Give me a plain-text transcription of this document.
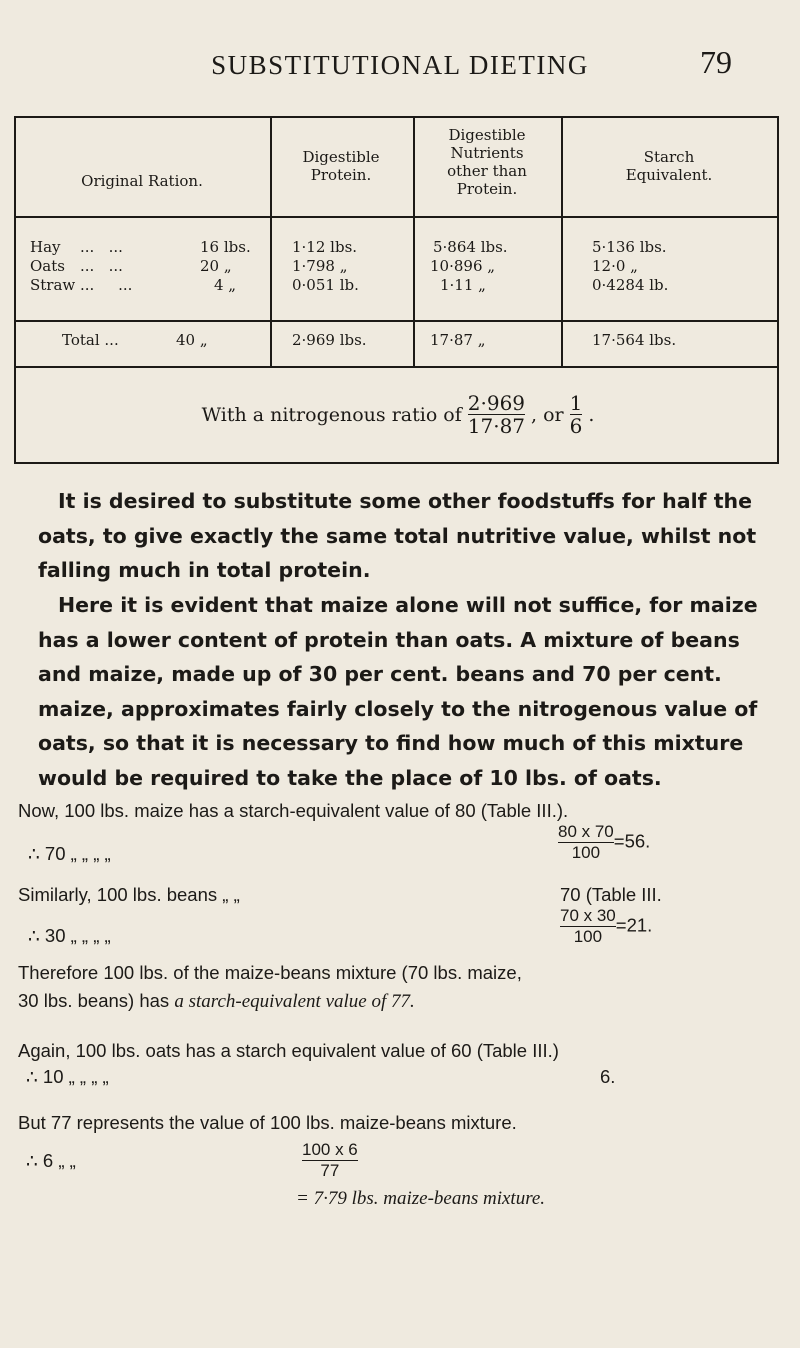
SUBSTITUTIONAL DIETING	79
Original Ration.
Digestible
Protein.
Digestible
Nutrients
other than
Protein.
Starch
Equivalent.
Hay ...   ...	16 lbs.	1·12 lbs.	5·864 lbs.	5·136 lbs.
Oats ...   ...	20 „	1·798 „	10·896 „	12·0 „
Straw ...     ...	4 „	0·051 lb.	1·11 „	0·4284 lb.
Total ...	40 „	2·969 lbs.	17·87 „	17·564 lbs.
With a nitrogenous ratio of $\frac{2\cdot 969}{17\cdot 87}$ , or $\frac{1}{6}$ .

It is desired to substitute some other foodstuffs for half the oats, to give exactly the same total nutritive value, whilst not falling much in total protein.

Here it is evident that maize alone will not suffice, for maize has a lower content of protein than oats. A mixture of beans and maize, made up of 30 per cent. beans and 70 per cent. maize, approximates fairly closely to the nitrogenous value of oats, so that it is necessary to find how much of this mixture would be required to take the place of 10 lbs. of oats.

Now, 100 lbs. maize has a starch-equivalent value of 80 (Table III.).
∴ 70 „ „ „ „	$\frac{80 x 70}{100} =56$.
Similarly, 100 lbs. beans „ „	70 (Table III.
∴ 30 „ „ „ „	$\frac{70 x 30}{100} =21$.
Therefore 100 lbs. of the maize-beans mixture (70 lbs. maize,
30 lbs. beans) has a starch-equivalent value of 77.
Again, 100 lbs. oats has a starch equivalent value of 60 (Table III.)
∴ 10 „ „ „ „	6.
But 77 represents the value of 100 lbs. maize-beans mixture.
∴ 6 „ „	$\frac{100 x 6}{77}$
= 7·79 lbs. maize-beans mixture.
